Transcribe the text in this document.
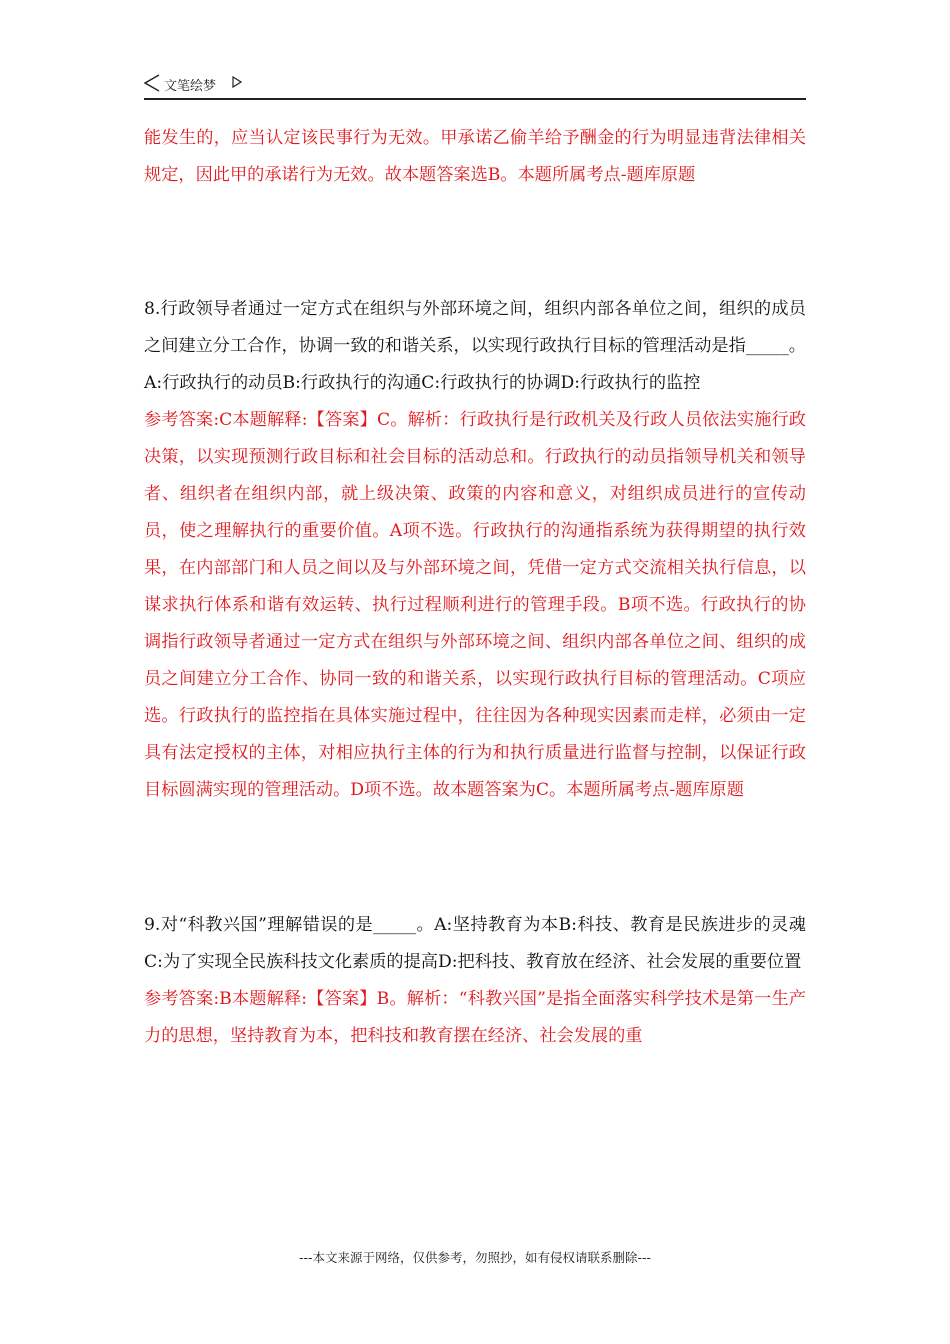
文笔绘梦

能发生的，应当认定该民事行为无效。甲承诺乙偷羊给予酬金的行为明显违背法律相关规定，因此甲的承诺行为无效。故本题答案选B。本题所属考点-题库原题

8.行政领导者通过一定方式在组织与外部环境之间，组织内部各单位之间，组织的成员之间建立分工合作，协调一致的和谐关系，以实现行政执行目标的管理活动是指_____。A:行政执行的动员B:行政执行的沟通C:行政执行的协调D:行政执行的监控

参考答案:C本题解释:【答案】C。解析：行政执行是行政机关及行政人员依法实施行政决策，以实现预测行政目标和社会目标的活动总和。行政执行的动员指领导机关和领导者、组织者在组织内部，就上级决策、政策的内容和意义，对组织成员进行的宣传动员，使之理解执行的重要价值。A项不选。行政执行的沟通指系统为获得期望的执行效果，在内部部门和人员之间以及与外部环境之间，凭借一定方式交流相关执行信息，以谋求执行体系和谐有效运转、执行过程顺利进行的管理手段。B项不选。行政执行的协调指行政领导者通过一定方式在组织与外部环境之间、组织内部各单位之间、组织的成员之间建立分工合作、协同一致的和谐关系，以实现行政执行目标的管理活动。C项应选。行政执行的监控指在具体实施过程中，往往因为各种现实因素而走样，必须由一定具有法定授权的主体，对相应执行主体的行为和执行质量进行监督与控制，以保证行政目标圆满实现的管理活动。D项不选。故本题答案为C。本题所属考点-题库原题

9.对“科教兴国”理解错误的是_____。A:坚持教育为本B:科技、教育是民族进步的灵魂C:为了实现全民族科技文化素质的提高D:把科技、教育放在经济、社会发展的重要位置

参考答案:B本题解释:【答案】B。解析：“科教兴国”是指全面落实科学技术是第一生产力的思想，坚持教育为本，把科技和教育摆在经济、社会发展的重

---本文来源于网络，仅供参考，勿照抄，如有侵权请联系删除---
